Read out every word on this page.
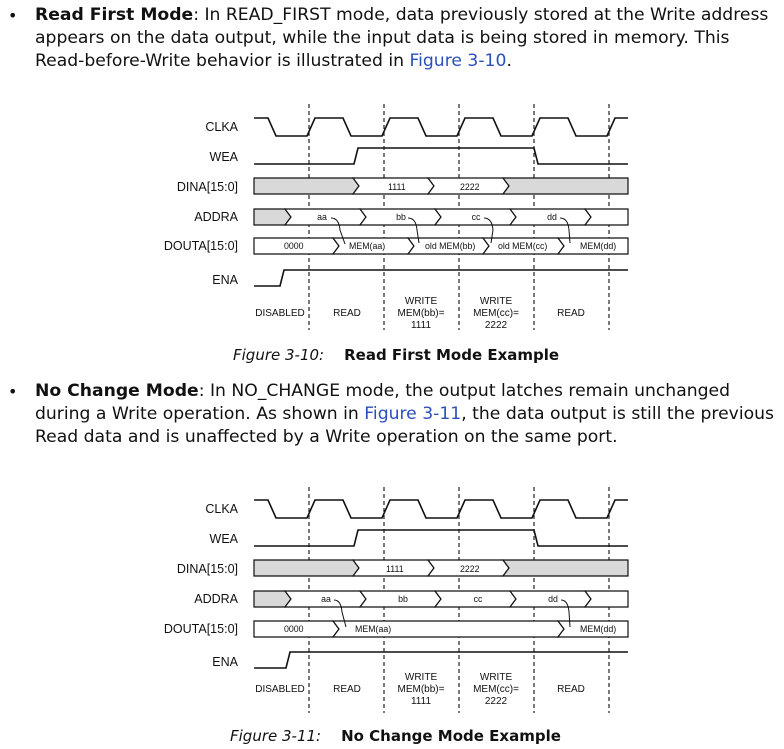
• Read First Mode: In READ_FIRST mode, data previously stored at the Write address appears on the data output, while the input data is being stored in memory. This Read-before-Write behavior is illustrated in Figure 3-10.
CLKA
WEA
DINA[15:0]
ADDRA
DOUTA[15:0]
ENA
1111	2222
aa	bb	cc	dd
0000	MEM(aa)	old MEM(bb)	old MEM(cc)	MEM(dd)
DISABLED	READ
WRITE
MEM(bb)=
1111
WRITE
MEM(cc)=
2222
READ
Figure 3-10: Read First Mode Example
• No Change Mode: In NO_CHANGE mode, the output latches remain unchanged during a Write operation. As shown in Figure 3-11, the data output is still the previous Read data and is unaffected by a Write operation on the same port.
CLKA
WEA
DINA[15:0]
ADDRA
DOUTA[15:0]
ENA
1111	2222
aa	bb	cc	dd
0000	MEM(aa)	MEM(dd)
DISABLED	READ
WRITE
MEM(bb)=
1111
WRITE
MEM(cc)=
2222
READ
Figure 3-11: No Change Mode Example
